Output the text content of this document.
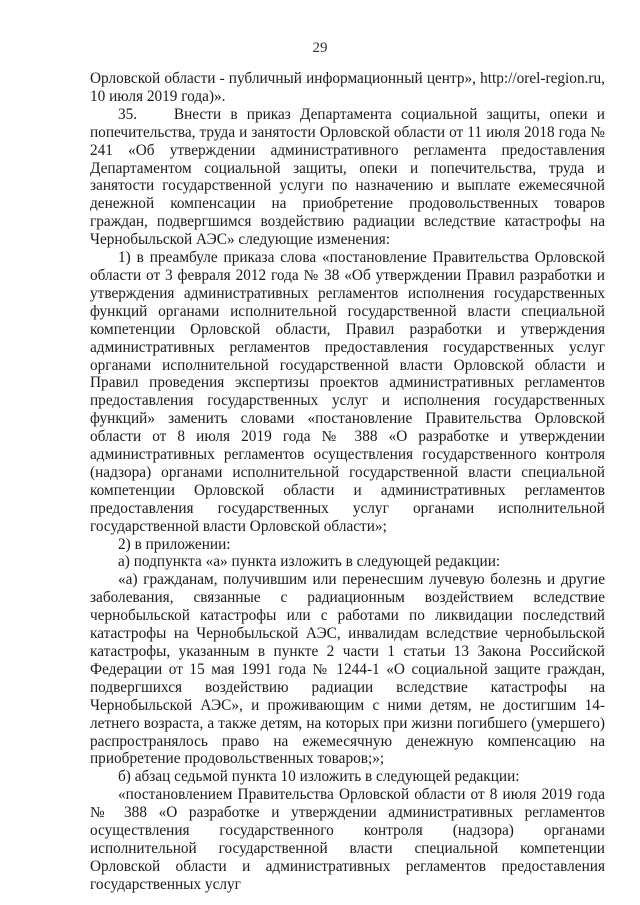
29

Орловской области - публичный информационный центр», http://orel-region.ru, 10 июля 2019 года)».

35.    Внести в приказ Департамента социальной защиты, опеки и попечительства, труда и занятости Орловской области от 11 июля 2018 года № 241 «Об утверждении административного регламента предоставления Департаментом социальной защиты, опеки и попечительства, труда и занятости государственной услуги по назначению и выплате ежемесячной денежной компенсации на приобретение продовольственных товаров граждан, подвергшимся воздействию радиации вследствие катастрофы на Чернобыльской АЭС» следующие изменения:

1) в преамбуле приказа слова «постановление Правительства Орловской области от 3 февраля 2012 года № 38 «Об утверждении Правил разработки и утверждения административных регламентов исполнения государственных функций органами исполнительной государственной власти специальной компетенции Орловской области, Правил разработки и утверждения административных регламентов предоставления государственных услуг органами исполнительной государственной власти Орловской области и Правил проведения экспертизы проектов административных регламентов предоставления государственных услуг и исполнения государственных функций» заменить словами «постановление Правительства Орловской области от 8 июля 2019 года № 388 «О разработке и утверждении административных регламентов осуществления государственного контроля (надзора) органами исполнительной государственной власти специальной компетенции Орловской области и административных регламентов предоставления государственных услуг органами исполнительной государственной власти Орловской области»;

2) в приложении:

а) подпункта «а» пункта изложить в следующей редакции:

«а) гражданам, получившим или перенесшим лучевую болезнь и другие заболевания, связанные с радиационным воздействием вследствие чернобыльской катастрофы или с работами по ликвидации последствий катастрофы на Чернобыльской АЭС, инвалидам вследствие чернобыльской катастрофы, указанным в пункте 2 части 1 статьи 13 Закона Российской Федерации от 15 мая 1991 года № 1244-1 «О социальной защите граждан, подвергшихся воздействию радиации вследствие катастрофы на Чернобыльской АЭС», и проживающим с ними детям, не достигшим 14-летнего возраста, а также детям, на которых при жизни погибшего (умершего) распространялось право на ежемесячную денежную компенсацию на приобретение продовольственных товаров;»;

б) абзац седьмой пункта 10 изложить в следующей редакции:

«постановлением Правительства Орловской области от 8 июля 2019 года № 388 «О разработке и утверждении административных регламентов осуществления государственного контроля (надзора) органами исполнительной государственной власти специальной компетенции Орловской области и административных регламентов предоставления государственных услуг
